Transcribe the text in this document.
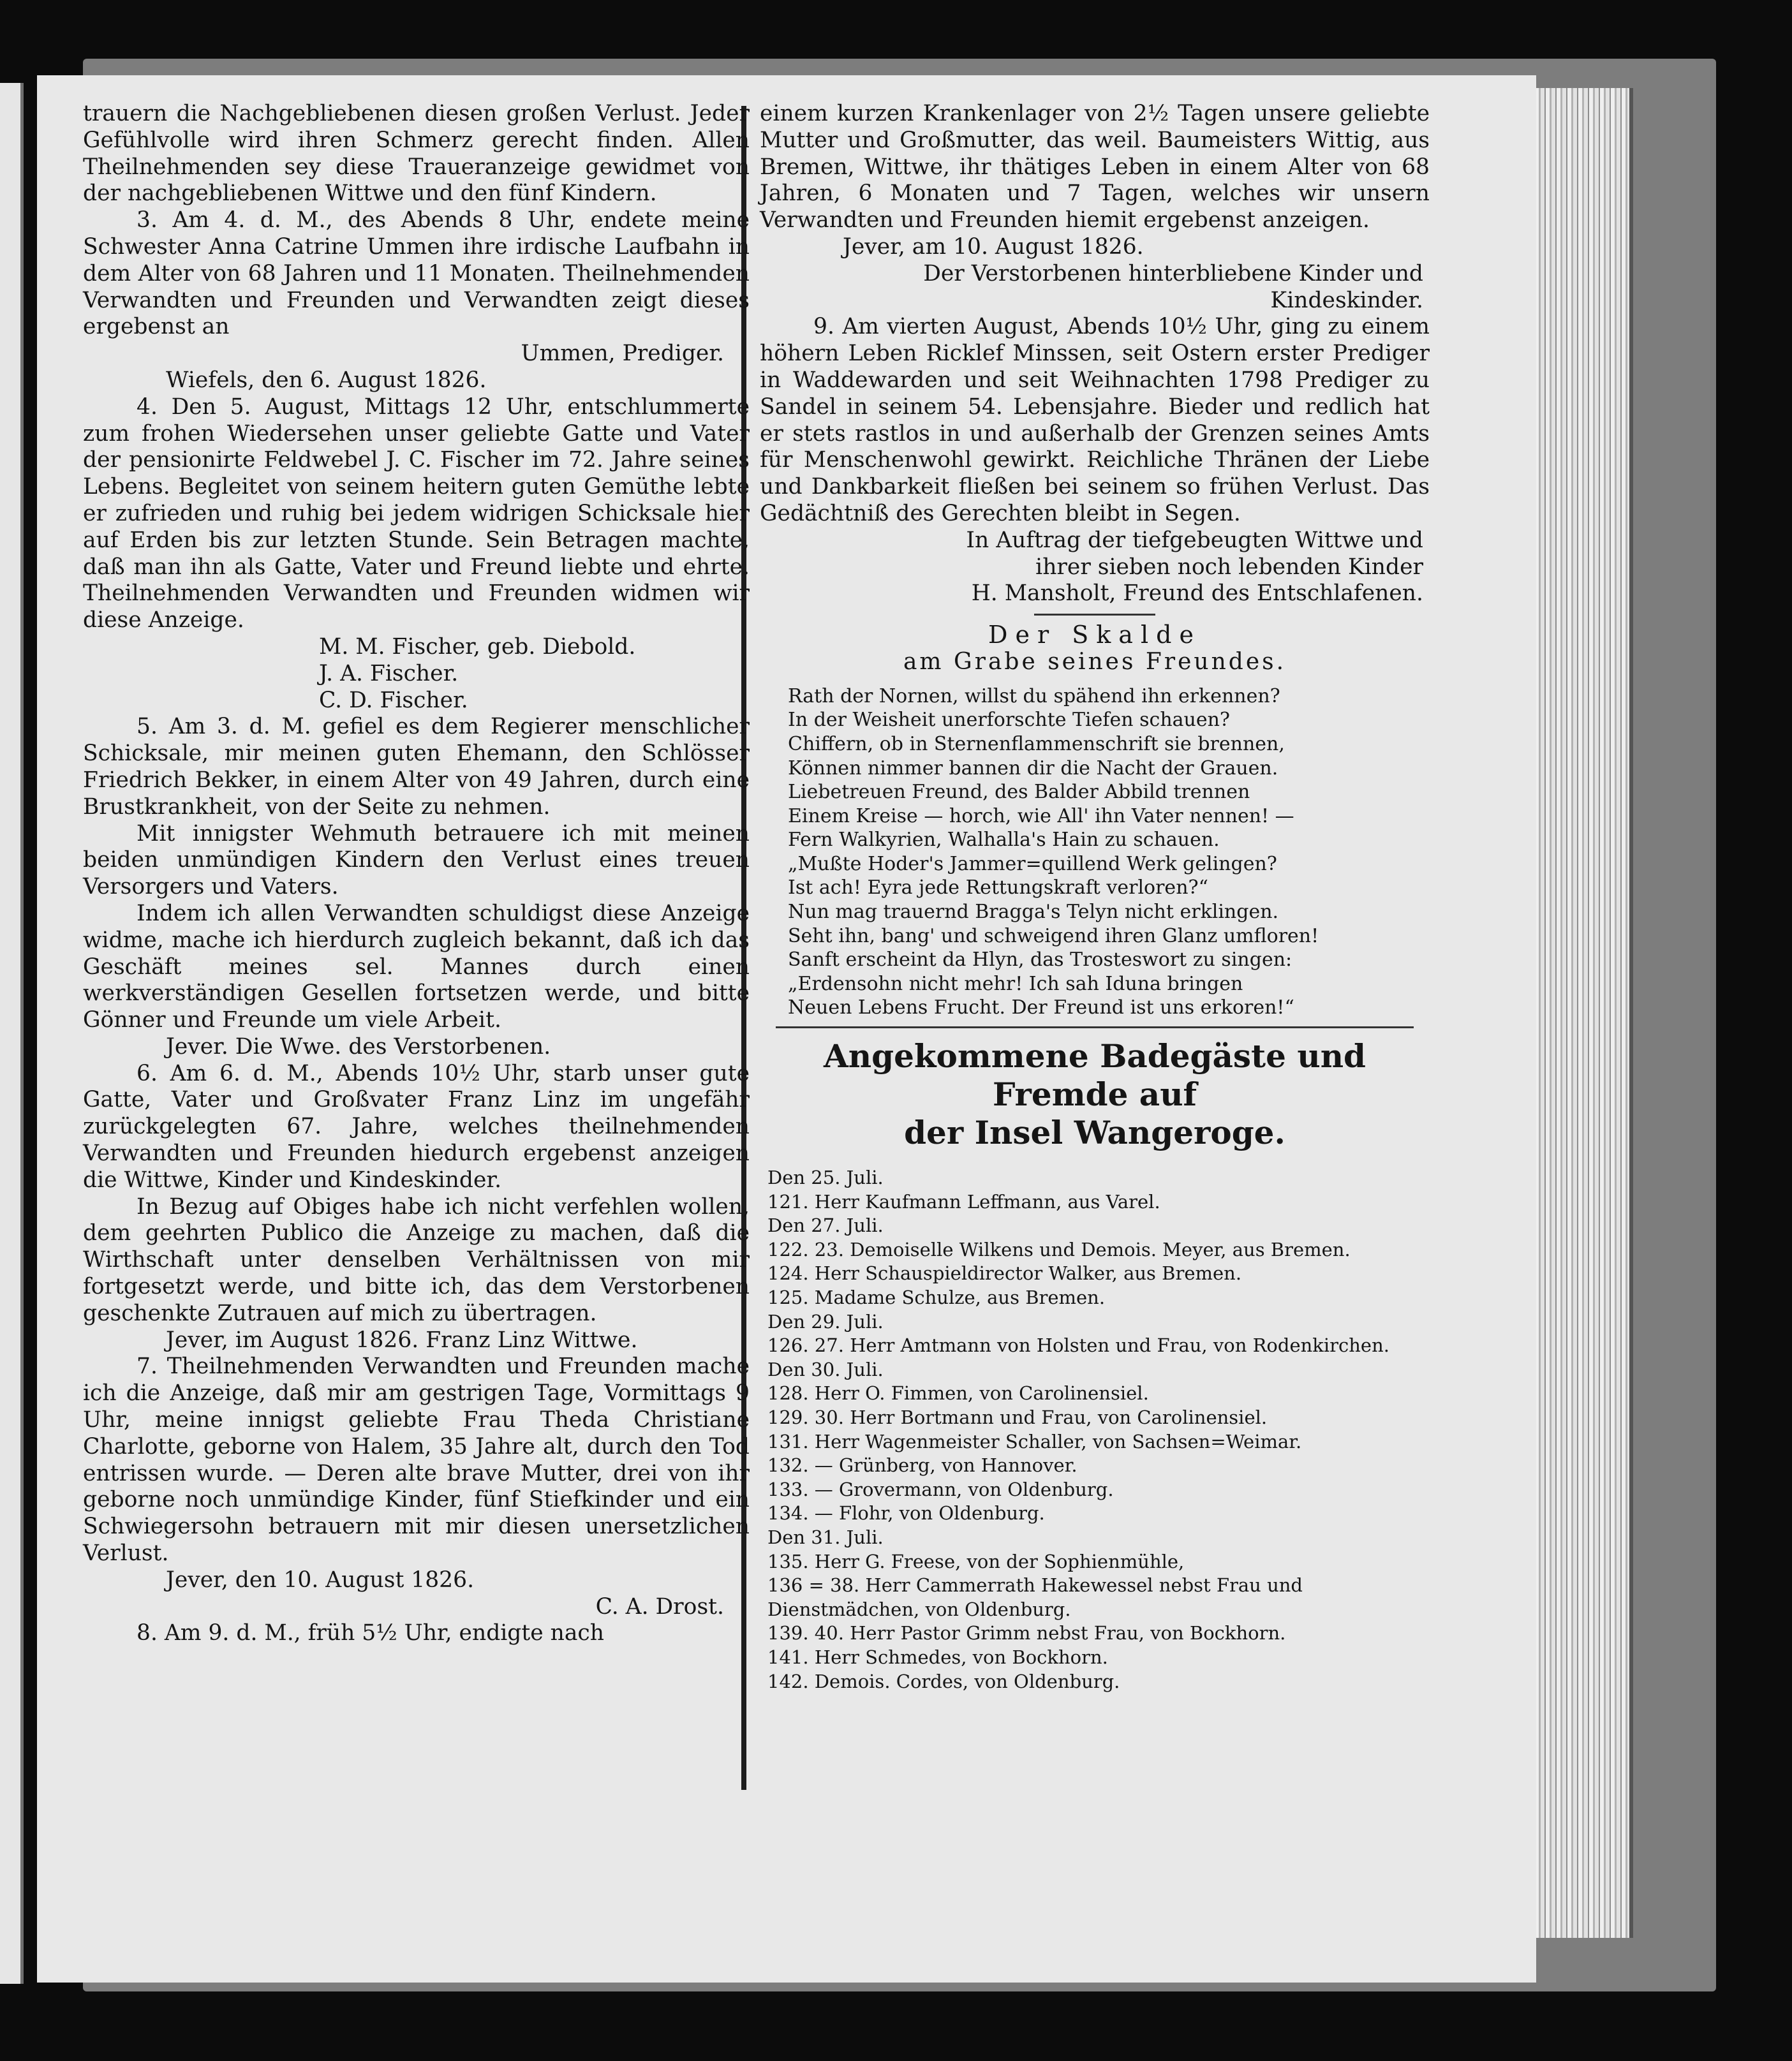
trauern die Nachgebliebenen diesen großen Verlust. Jeder Gefühlvolle wird ihren Schmerz gerecht finden. Allen Theilnehmenden sey diese Traueranzeige gewidmet von der nachgebliebenen Wittwe und den fünf Kindern.
3. Am 4. d. M., des Abends 8 Uhr, endete meine Schwester Anna Catrine Ummen ihre irdische Laufbahn in dem Alter von 68 Jahren und 11 Monaten. Theilnehmenden Verwandten und Freunden und Verwandten zeigt dieses ergebenst an
Ummen, Prediger.
Wiefels, den 6. August 1826.
4. Den 5. August, Mittags 12 Uhr, entschlummerte zum frohen Wiedersehen unser geliebte Gatte und Vater der pensionirte Feldwebel J. C. Fischer im 72. Jahre seines Lebens. Begleitet von seinem heitern guten Gemüthe lebte er zufrieden und ruhig bei jedem widrigen Schicksale hier auf Erden bis zur letzten Stunde. Sein Betragen machte, daß man ihn als Gatte, Vater und Freund liebte und ehrte. Theilnehmenden Verwandten und Freunden widmen wir diese Anzeige.
M. M. Fischer, geb. Diebold.
J. A. Fischer.
C. D. Fischer.
5. Am 3. d. M. gefiel es dem Regierer menschlicher Schicksale, mir meinen guten Ehemann, den Schlösser Friedrich Bekker, in einem Alter von 49 Jahren, durch eine Brustkrankheit, von der Seite zu nehmen.
Mit innigster Wehmuth betrauere ich mit meinen beiden unmündigen Kindern den Verlust eines treuen Versorgers und Vaters.
Indem ich allen Verwandten schuldigst diese Anzeige widme, mache ich hierdurch zugleich bekannt, daß ich das Geschäft meines sel. Mannes durch einen werkverständigen Gesellen fortsetzen werde, und bitte Gönner und Freunde um viele Arbeit.
Jever. Die Wwe. des Verstorbenen.
6. Am 6. d. M., Abends 10½ Uhr, starb unser gute Gatte, Vater und Großvater Franz Linz im ungefähr zurückgelegten 67. Jahre, welches theilnehmenden Verwandten und Freunden hiedurch ergebenst anzeigen die Wittwe, Kinder und Kindeskinder.
In Bezug auf Obiges habe ich nicht verfehlen wollen, dem geehrten Publico die Anzeige zu machen, daß die Wirthschaft unter denselben Verhältnissen von mir fortgesetzt werde, und bitte ich, das dem Verstorbenen geschenkte Zutrauen auf mich zu übertragen.
Jever, im August 1826. Franz Linz Wittwe.
7. Theilnehmenden Verwandten und Freunden mache ich die Anzeige, daß mir am gestrigen Tage, Vormittags 9 Uhr, meine innigst geliebte Frau Theda Christiane Charlotte, geborne von Halem, 35 Jahre alt, durch den Tod entrissen wurde. — Deren alte brave Mutter, drei von ihr geborne noch unmündige Kinder, fünf Stiefkinder und ein Schwiegersohn betrauern mit mir diesen unersetzlichen Verlust.
Jever, den 10. August 1826.
C. A. Drost.
8. Am 9. d. M., früh 5½ Uhr, endigte nach
einem kurzen Krankenlager von 2½ Tagen unsere geliebte Mutter und Großmutter, das weil. Baumeisters Wittig, aus Bremen, Wittwe, ihr thätiges Leben in einem Alter von 68 Jahren, 6 Monaten und 7 Tagen, welches wir unsern Verwandten und Freunden hiemit ergebenst anzeigen.
Jever, am 10. August 1826.
Der Verstorbenen hinterbliebene Kinder und
Kindeskinder.
9. Am vierten August, Abends 10½ Uhr, ging zu einem höhern Leben Ricklef Minssen, seit Ostern erster Prediger in Waddewarden und seit Weihnachten 1798 Prediger zu Sandel in seinem 54. Lebensjahre. Bieder und redlich hat er stets rastlos in und außerhalb der Grenzen seines Amts für Menschenwohl gewirkt. Reichliche Thränen der Liebe und Dankbarkeit fließen bei seinem so frühen Verlust. Das Gedächtniß des Gerechten bleibt in Segen.
In Auftrag der tiefgebeugten Wittwe und
ihrer sieben noch lebenden Kinder
H. Mansholt, Freund des Entschlafenen.
Der Skalde
am Grabe seines Freundes.
Rath der Nornen, willst du spähend ihn erkennen?
In der Weisheit unerforschte Tiefen schauen?
Chiffern, ob in Sternenflammenschrift sie brennen,
Können nimmer bannen dir die Nacht der Grauen.
Liebetreuen Freund, des Balder Abbild trennen
Einem Kreise — horch, wie All' ihn Vater nennen! —
Fern Walkyrien, Walhalla's Hain zu schauen.
„Mußte Hoder's Jammer=quillend Werk gelingen?
Ist ach! Eyra jede Rettungskraft verloren?“
Nun mag trauernd Bragga's Telyn nicht erklingen.
Seht ihn, bang' und schweigend ihren Glanz umfloren!
Sanft erscheint da Hlyn, das Trosteswort zu singen:
„Erdensohn nicht mehr! Ich sah Iduna bringen
Neuen Lebens Frucht. Der Freund ist uns erkoren!“
Angekommene Badegäste und Fremde auf
der Insel Wangeroge.
Den 25. Juli.
121. Herr Kaufmann Leffmann, aus Varel.
Den 27. Juli.
122. 23. Demoiselle Wilkens und Demois. Meyer, aus Bremen.
124. Herr Schauspieldirector Walker, aus Bremen.
125. Madame Schulze, aus Bremen.
Den 29. Juli.
126. 27. Herr Amtmann von Holsten und Frau, von Rodenkirchen.
Den 30. Juli.
128. Herr O. Fimmen, von Carolinensiel.
129. 30. Herr Bortmann und Frau, von Carolinensiel.
131. Herr Wagenmeister Schaller, von Sachsen=Weimar.
132. — Grünberg, von Hannover.
133. — Grovermann, von Oldenburg.
134. — Flohr, von Oldenburg.
Den 31. Juli.
135. Herr G. Freese, von der Sophienmühle,
136 = 38. Herr Cammerrath Hakewessel nebst Frau und Dienstmädchen, von Oldenburg.
139. 40. Herr Pastor Grimm nebst Frau, von Bockhorn.
141. Herr Schmedes, von Bockhorn.
142. Demois. Cordes, von Oldenburg.
